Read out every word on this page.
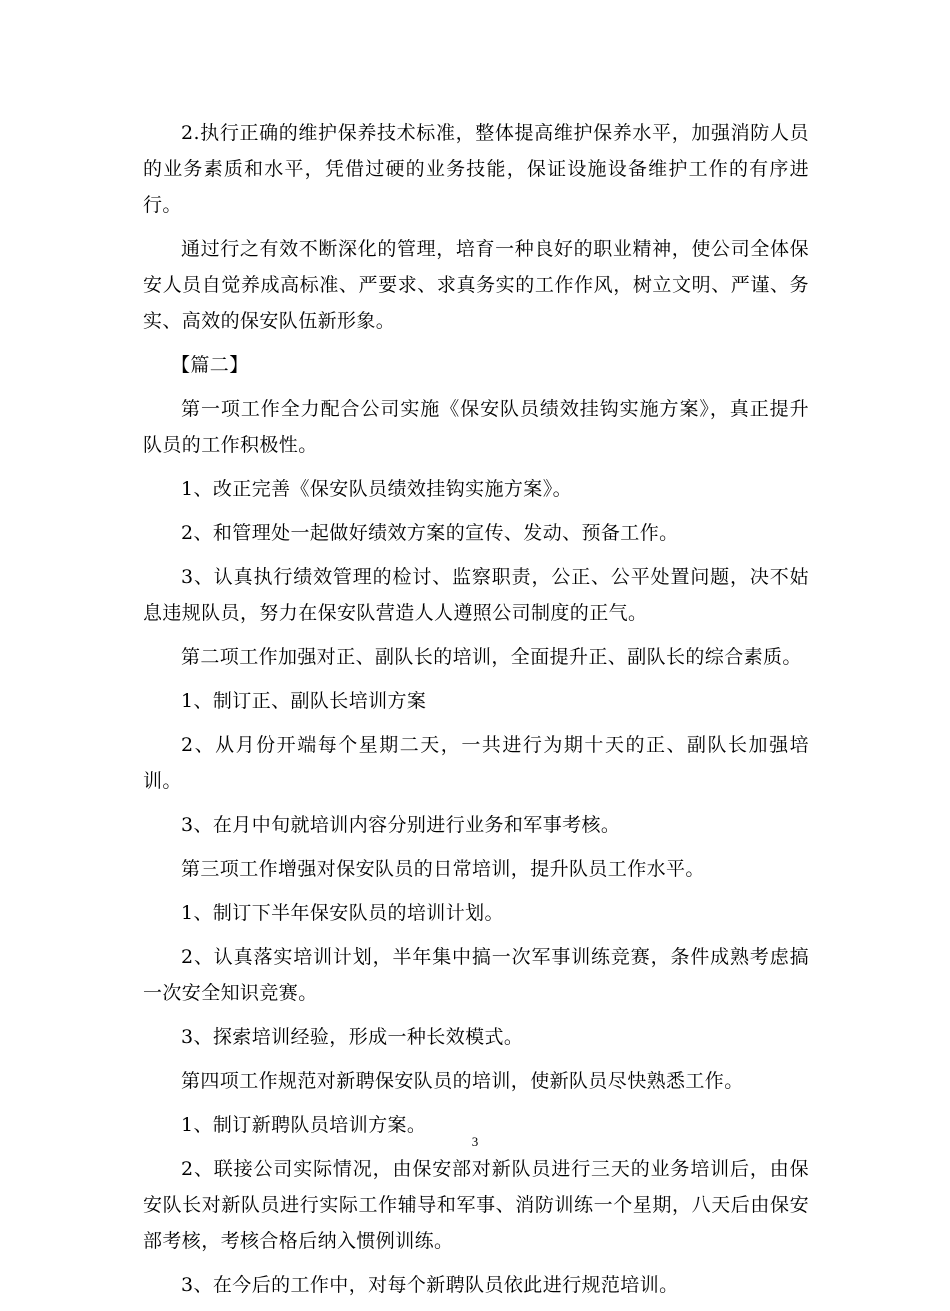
2.执行正确的维护保养技术标准，整体提高维护保养水平，加强消防人员的业务素质和水平，凭借过硬的业务技能，保证设施设备维护工作的有序进行。

通过行之有效不断深化的管理，培育一种良好的职业精神，使公司全体保安人员自觉养成高标准、严要求、求真务实的工作作风，树立文明、严谨、务实、高效的保安队伍新形象。

【篇二】

第一项工作全力配合公司实施《保安队员绩效挂钩实施方案》，真正提升队员的工作积极性。

1、改正完善《保安队员绩效挂钩实施方案》。

2、和管理处一起做好绩效方案的宣传、发动、预备工作。

3、认真执行绩效管理的检讨、监察职责，公正、公平处置问题，决不姑息违规队员，努力在保安队营造人人遵照公司制度的正气。

第二项工作加强对正、副队长的培训，全面提升正、副队长的综合素质。

1、制订正、副队长培训方案

2、从月份开端每个星期二天，一共进行为期十天的正、副队长加强培训。

3、在月中旬就培训内容分别进行业务和军事考核。

第三项工作增强对保安队员的日常培训，提升队员工作水平。

1、制订下半年保安队员的培训计划。

2、认真落实培训计划，半年集中搞一次军事训练竞赛，条件成熟考虑搞一次安全知识竞赛。

3、探索培训经验，形成一种长效模式。

第四项工作规范对新聘保安队员的培训，使新队员尽快熟悉工作。

1、制订新聘队员培训方案。

2、联接公司实际情况，由保安部对新队员进行三天的业务培训后，由保安队长对新队员进行实际工作辅导和军事、消防训练一个星期，八天后由保安部考核，考核合格后纳入惯例训练。

3、在今后的工作中，对每个新聘队员依此进行规范培训。

3
